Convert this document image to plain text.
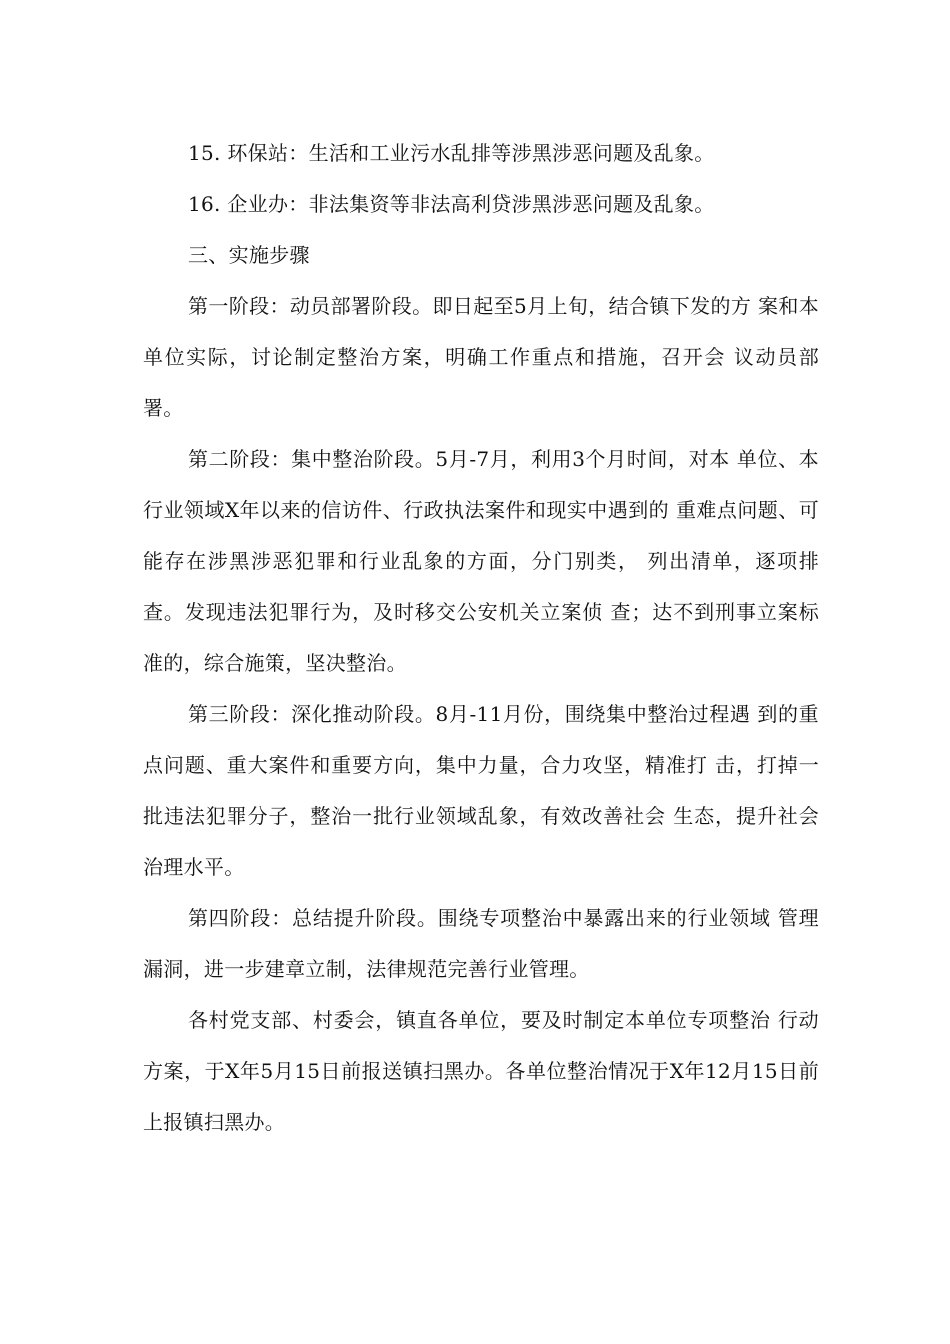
15. 环保站：生活和工业污水乱排等涉黑涉恶问题及乱象。

16. 企业办：非法集资等非法高利贷涉黑涉恶问题及乱象。

三、实施步骤

第一阶段：动员部署阶段。即日起至5月上旬，结合镇下发的方 案和本单位实际，讨论制定整治方案，明确工作重点和措施，召开会 议动员部署。

第二阶段：集中整治阶段。5月-7月，利用3个月时间，对本 单位、本行业领域X年以来的信访件、行政执法案件和现实中遇到的 重难点问题、可能存在涉黑涉恶犯罪和行业乱象的方面，分门别类， 列出清单，逐项排查。发现违法犯罪行为，及时移交公安机关立案侦 查；达不到刑事立案标准的，综合施策，坚决整治。

第三阶段：深化推动阶段。8月-11月份，围绕集中整治过程遇 到的重点问题、重大案件和重要方向，集中力量，合力攻坚，精准打 击，打掉一批违法犯罪分子，整治一批行业领域乱象，有效改善社会 生态，提升社会治理水平。

第四阶段：总结提升阶段。围绕专项整治中暴露出来的行业领域 管理漏洞，进一步建章立制，法律规范完善行业管理。

各村党支部、村委会，镇直各单位，要及时制定本单位专项整治 行动方案，于X年5月15日前报送镇扫黑办。各单位整治情况于X年12月15日前上报镇扫黑办。
